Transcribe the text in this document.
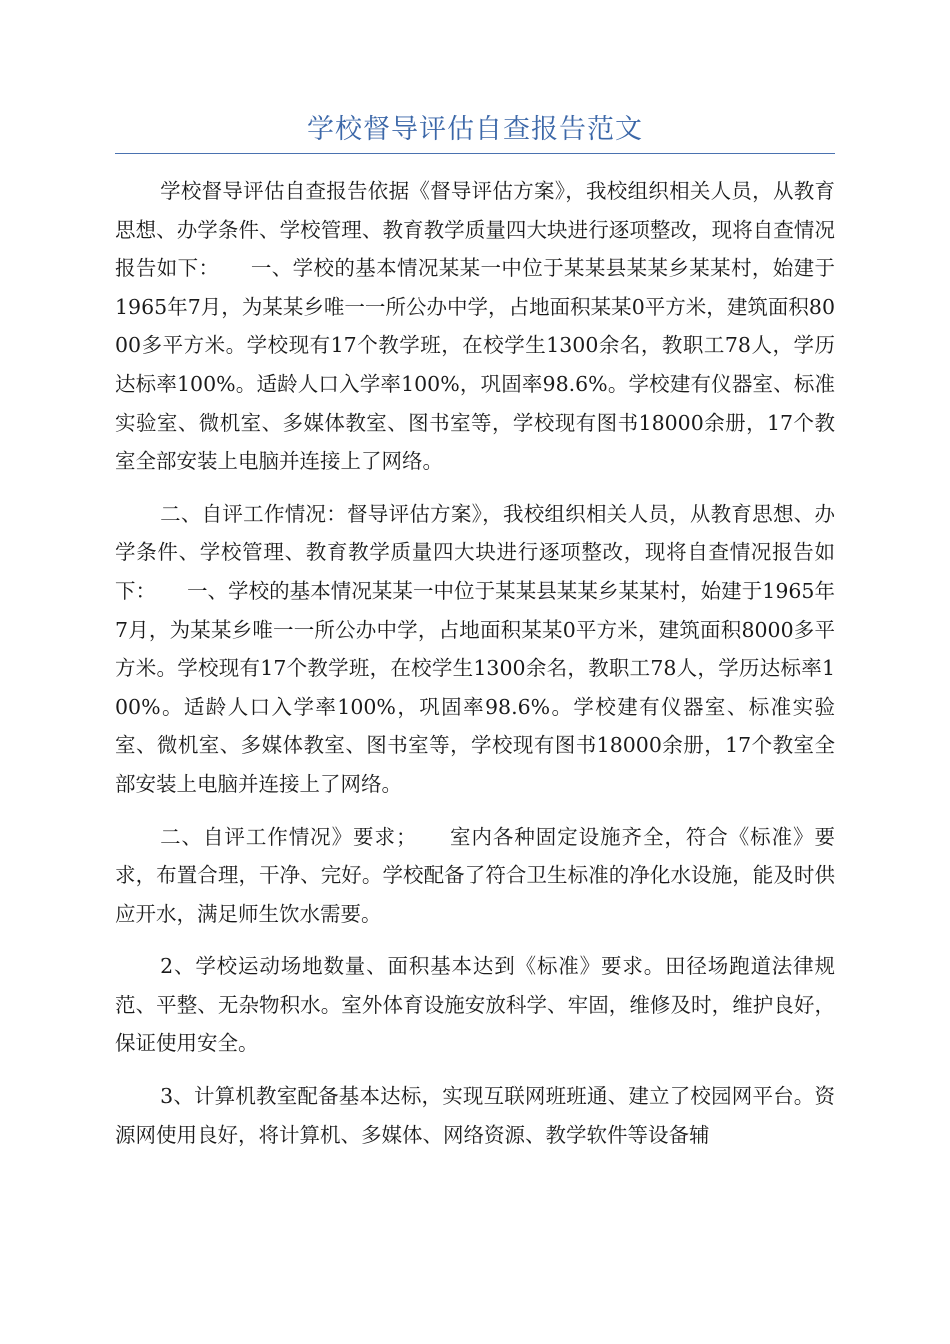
学校督导评估自查报告范文

学校督导评估自查报告依据《督导评估方案》，我校组织相关人员，从教育思想、办学条件、学校管理、教育教学质量四大块进行逐项整改，现将自查情况报告如下：　　一、学校的基本情况某某一中位于某某县某某乡某某村，始建于1965年7月，为某某乡唯一一所公办中学，占地面积某某0平方米，建筑面积8000多平方米。学校现有17个教学班，在校学生1300余名，教职工78人，学历达标率100%。适龄人口入学率100%，巩固率98.6%。学校建有仪器室、标准实验室、微机室、多媒体教室、图书室等，学校现有图书18000余册，17个教室全部安装上电脑并连接上了网络。

二、自评工作情况：督导评估方案》，我校组织相关人员，从教育思想、办学条件、学校管理、教育教学质量四大块进行逐项整改，现将自查情况报告如下：　　一、学校的基本情况某某一中位于某某县某某乡某某村，始建于1965年7月，为某某乡唯一一所公办中学，占地面积某某0平方米，建筑面积8000多平方米。学校现有17个教学班，在校学生1300余名，教职工78人，学历达标率100%。适龄人口入学率100%，巩固率98.6%。学校建有仪器室、标准实验室、微机室、多媒体教室、图书室等，学校现有图书18000余册，17个教室全部安装上电脑并连接上了网络。

二、自评工作情况》要求；　　室内各种固定设施齐全，符合《标准》要求，布置合理，干净、完好。学校配备了符合卫生标准的净化水设施，能及时供应开水，满足师生饮水需要。

2、学校运动场地数量、面积基本达到《标准》要求。田径场跑道法律规范、平整、无杂物积水。室外体育设施安放科学、牢固，维修及时，维护良好，保证使用安全。

3、计算机教室配备基本达标，实现互联网班班通、建立了校园网平台。资源网使用良好，将计算机、多媒体、网络资源、教学软件等设备辅
